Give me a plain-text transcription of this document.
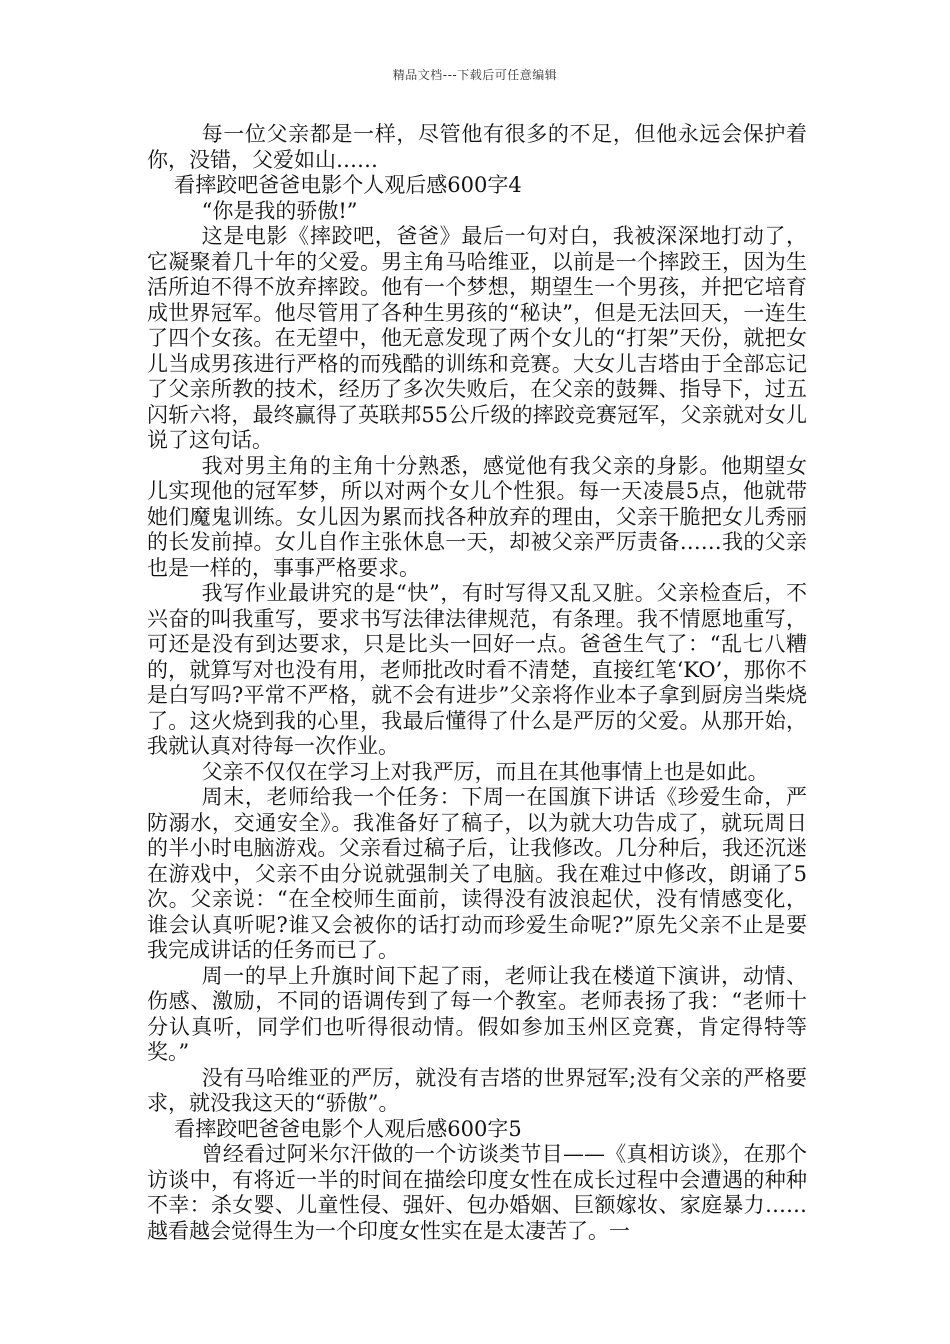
精品文档---下载后可任意编辑

每一位父亲都是一样，尽管他有很多的不足，但他永远会保护着你，没错，父爱如山……

看摔跤吧爸爸电影个人观后感600字4

“你是我的骄傲!”

这是电影《摔跤吧，爸爸》最后一句对白，我被深深地打动了，它凝聚着几十年的父爱。男主角马哈维亚，以前是一个摔跤王，因为生活所迫不得不放弃摔跤。他有一个梦想，期望生一个男孩，并把它培育成世界冠军。他尽管用了各种生男孩的“秘诀”，但是无法回天，一连生了四个女孩。在无望中，他无意发现了两个女儿的“打架”天份，就把女儿当成男孩进行严格的而残酷的训练和竞赛。大女儿吉塔由于全部忘记了父亲所教的技术，经历了多次失败后，在父亲的鼓舞、指导下，过五闪斩六将，最终赢得了英联邦55公斤级的摔跤竞赛冠军，父亲就对女儿说了这句话。

我对男主角的主角十分熟悉，感觉他有我父亲的身影。他期望女儿实现他的冠军梦，所以对两个女儿个性狠。每一天凌晨5点，他就带她们魔鬼训练。女儿因为累而找各种放弃的理由，父亲干脆把女儿秀丽的长发前掉。女儿自作主张休息一天，却被父亲严厉责备……我的父亲也是一样的，事事严格要求。

我写作业最讲究的是“快”，有时写得又乱又脏。父亲检查后，不兴奋的叫我重写，要求书写法律法律规范，有条理。我不情愿地重写，可还是没有到达要求，只是比头一回好一点。爸爸生气了：“乱七八糟的，就算写对也没有用，老师批改时看不清楚，直接红笔‘KO’，那你不是白写吗?平常不严格，就不会有进步”父亲将作业本子拿到厨房当柴烧了。这火烧到我的心里，我最后懂得了什么是严厉的父爱。从那开始，我就认真对待每一次作业。

父亲不仅仅在学习上对我严厉，而且在其他事情上也是如此。

周末，老师给我一个任务：下周一在国旗下讲话《珍爱生命，严防溺水，交通安全》。我准备好了稿子，以为就大功告成了，就玩周日的半小时电脑游戏。父亲看过稿子后，让我修改。几分种后，我还沉迷在游戏中，父亲不由分说就强制关了电脑。我在难过中修改，朗诵了5次。父亲说：“在全校师生面前，读得没有波浪起伏，没有情感变化，谁会认真听呢?谁又会被你的话打动而珍爱生命呢?”原先父亲不止是要我完成讲话的任务而已了。

周一的早上升旗时间下起了雨，老师让我在楼道下演讲，动情、伤感、激励，不同的语调传到了每一个教室。老师表扬了我：“老师十分认真听，同学们也听得很动情。假如参加玉州区竞赛，肯定得特等奖。”

没有马哈维亚的严厉，就没有吉塔的世界冠军;没有父亲的严格要求，就没我这天的“骄傲”。

看摔跤吧爸爸电影个人观后感600字5

曾经看过阿米尔汗做的一个访谈类节目——《真相访谈》，在那个访谈中，有将近一半的时间在描绘印度女性在成长过程中会遭遇的种种不幸：杀女婴、儿童性侵、强奸、包办婚姻、巨额嫁妆、家庭暴力……越看越会觉得生为一个印度女性实在是太凄苦了。一
